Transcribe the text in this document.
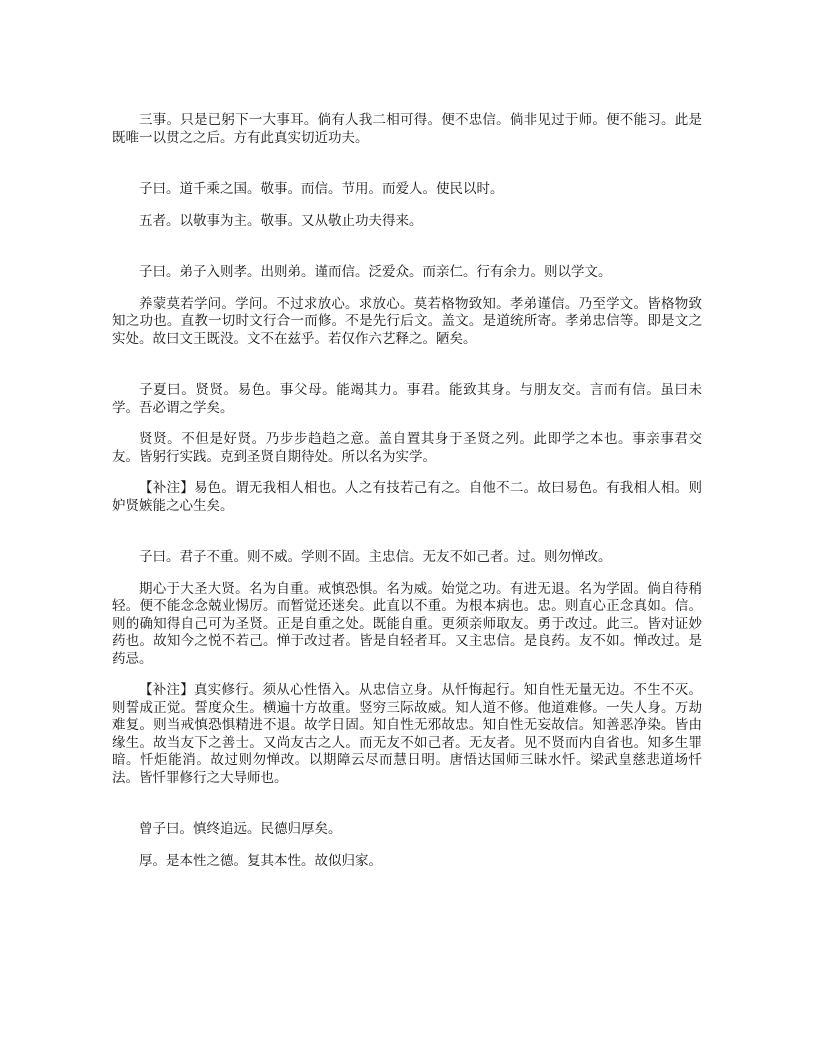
三事。只是已躬下一大事耳。倘有人我二相可得。便不忠信。倘非见过于师。便不能习。此是既唯一以贯之之后。方有此真实切近功夫。

子曰。道千乘之国。敬事。而信。节用。而爱人。使民以时。

五者。以敬事为主。敬事。又从敬止功夫得来。

子曰。弟子入则孝。出则弟。谨而信。泛爱众。而亲仁。行有余力。则以学文。

养蒙莫若学问。学问。不过求放心。求放心。莫若格物致知。孝弟谨信。乃至学文。皆格物致知之功也。直教一切时文行合一而修。不是先行后文。盖文。是道统所寄。孝弟忠信等。即是文之实处。故曰文王既没。文不在兹乎。若仅作六艺释之。陋矣。

子夏曰。贤贤。易色。事父母。能竭其力。事君。能致其身。与朋友交。言而有信。虽曰未学。吾必谓之学矣。

贤贤。不但是好贤。乃步步趋趋之意。盖自置其身于圣贤之列。此即学之本也。事亲事君交友。皆躬行实践。克到圣贤自期待处。所以名为实学。

【补注】易色。谓无我相人相也。人之有技若己有之。自他不二。故曰易色。有我相人相。则妒贤嫉能之心生矣。

子曰。君子不重。则不威。学则不固。主忠信。无友不如己者。过。则勿惮改。

期心于大圣大贤。名为自重。戒慎恐惧。名为威。始觉之功。有进无退。名为学固。倘自待稍轻。便不能念念兢业惕厉。而暂觉还迷矣。此直以不重。为根本病也。忠。则直心正念真如。信。则的确知得自己可为圣贤。正是自重之处。既能自重。更须亲师取友。勇于改过。此三。皆对证妙药也。故知今之悦不若己。惮于改过者。皆是自轻者耳。又主忠信。是良药。友不如。惮改过。是药忌。

【补注】真实修行。须从心性悟入。从忠信立身。从忏悔起行。知自性无量无边。不生不灭。则誓成正觉。誓度众生。横遍十方故重。竖穷三际故威。知人道不修。他道难修。一失人身。万劫难复。则当戒慎恐惧精进不退。故学日固。知自性无邪故忠。知自性无妄故信。知善恶净染。皆由缘生。故当友下之善士。又尚友古之人。而无友不如己者。无友者。见不贤而内自省也。知多生罪暗。忏炬能消。故过则勿惮改。以期障云尽而慧日明。唐悟达国师三昧水忏。梁武皇慈悲道场忏法。皆忏罪修行之大导师也。

曾子曰。慎终追远。民德归厚矣。

厚。是本性之德。复其本性。故似归家。
